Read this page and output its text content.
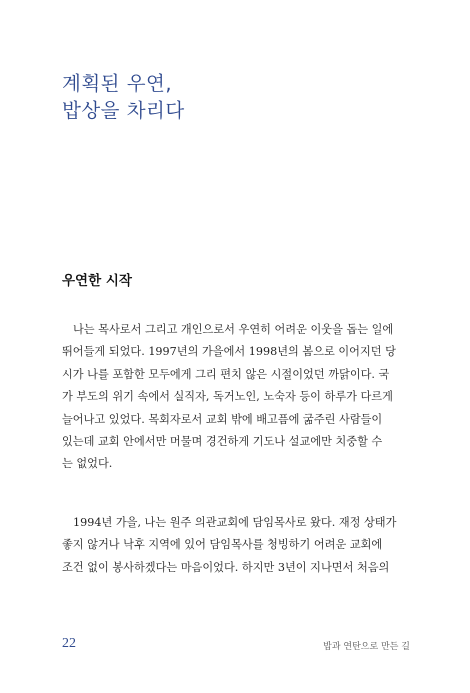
계획된 우연,
밥상을 차리다
우연한 시작

나는 목사로서 그리고 개인으로서 우연히 어려운 이웃을 돕는 일에
뛰어들게 되었다. 1997년의 가을에서 1998년의 봄으로 이어지던 당
시가 나를 포함한 모두에게 그리 편치 않은 시절이었던 까닭이다. 국
가 부도의 위기 속에서 실직자, 독거노인, 노숙자 등이 하루가 다르게
늘어나고 있었다. 목회자로서 교회 밖에 배고픔에 굶주린 사람들이
있는데 교회 안에서만 머물며 경건하게 기도나 설교에만 치중할 수
는 없었다.

1994년 가을, 나는 원주 의관교회에 담임목사로 왔다. 재정 상태가
좋지 않거나 낙후 지역에 있어 담임목사를 청빙하기 어려운 교회에
조건 없이 봉사하겠다는 마음이었다. 하지만 3년이 지나면서 처음의

22	밥과 연탄으로 만든 길
